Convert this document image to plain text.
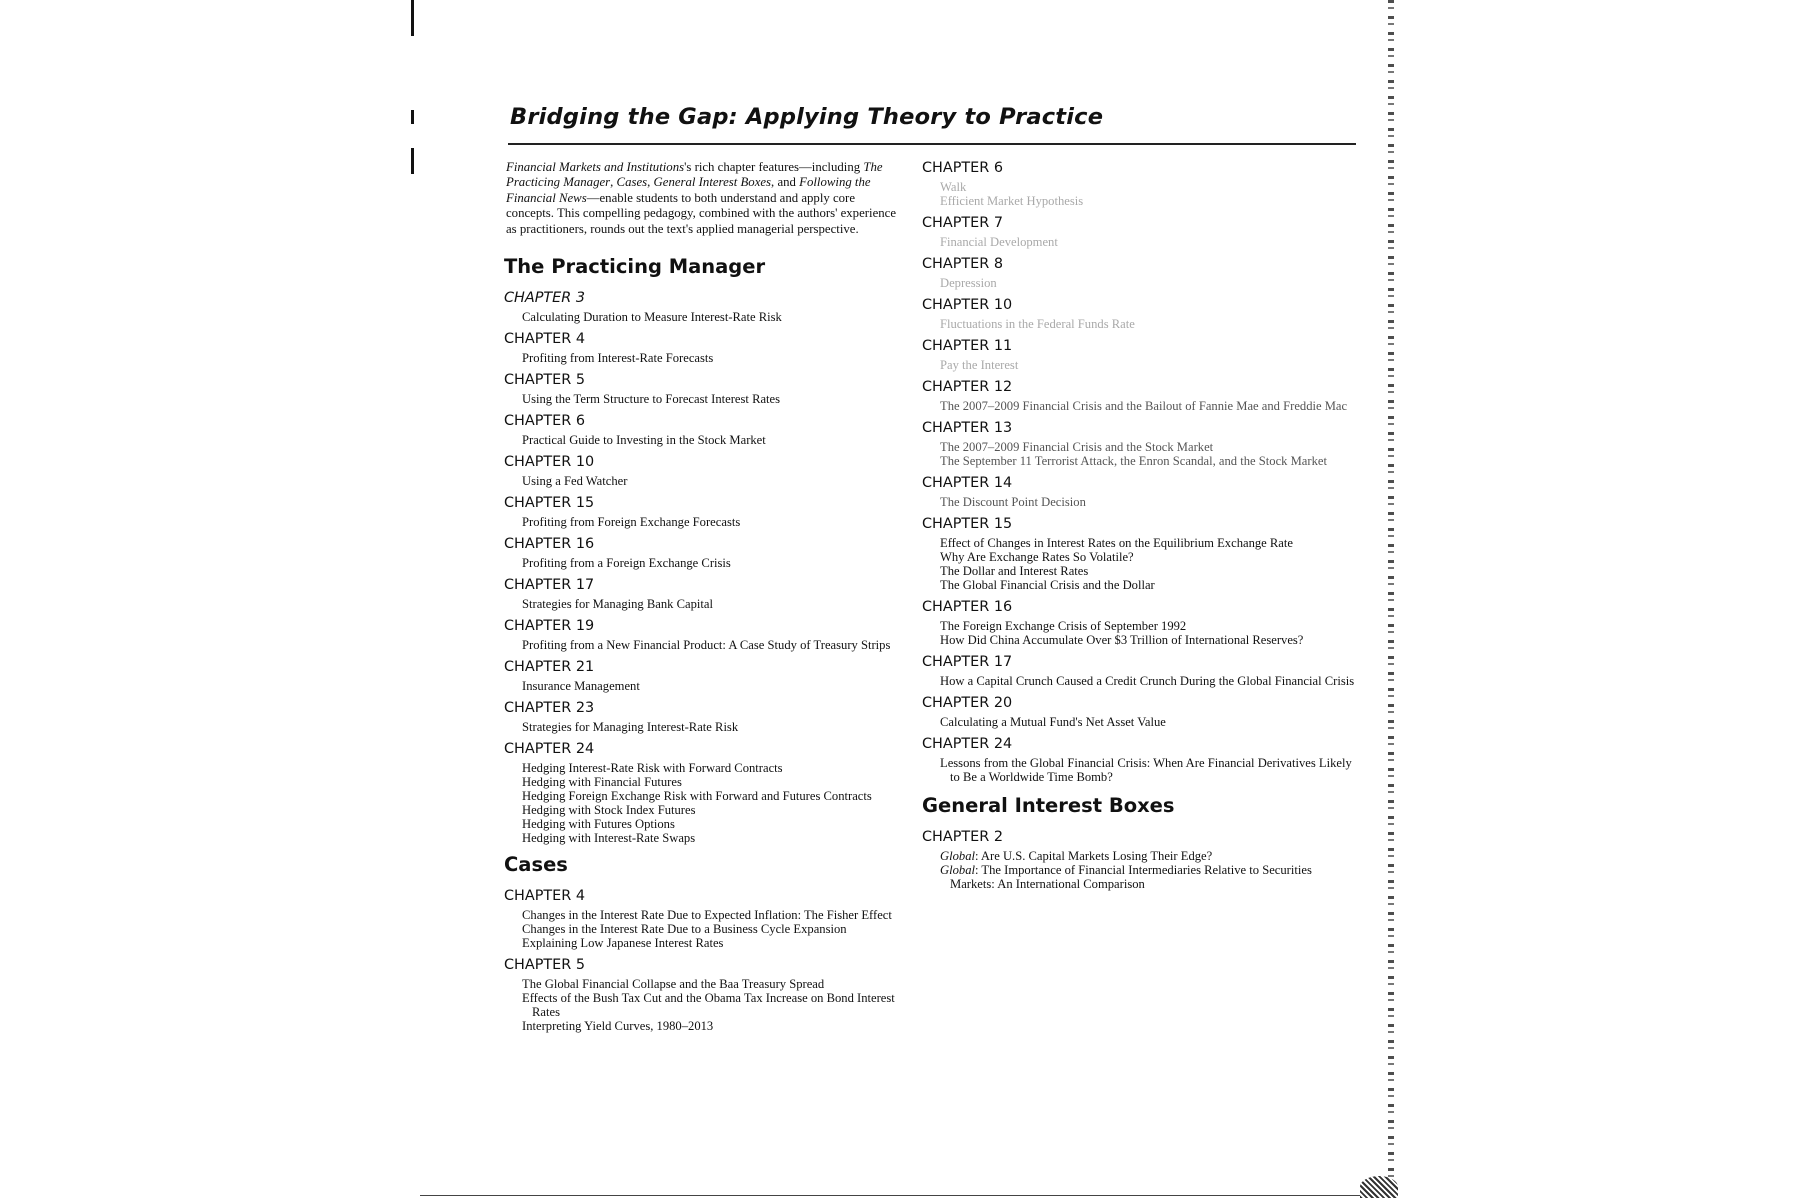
Bridging the Gap: Applying Theory to Practice

Financial Markets and Institutions's rich chapter features—including The Practicing Manager, Cases, General Interest Boxes, and Following the Financial News—enable students to both understand and apply core concepts. This compelling pedagogy, combined with the authors' experience as practitioners, rounds out the text's applied managerial perspective.

The Practicing Manager
CHAPTER 3
Calculating Duration to Measure Interest-Rate Risk
CHAPTER 4
Profiting from Interest-Rate Forecasts
CHAPTER 5
Using the Term Structure to Forecast Interest Rates
CHAPTER 6
Practical Guide to Investing in the Stock Market
CHAPTER 10
Using a Fed Watcher
CHAPTER 15
Profiting from Foreign Exchange Forecasts
CHAPTER 16
Profiting from a Foreign Exchange Crisis
CHAPTER 17
Strategies for Managing Bank Capital
CHAPTER 19
Profiting from a New Financial Product: A Case Study of Treasury Strips
CHAPTER 21
Insurance Management
CHAPTER 23
Strategies for Managing Interest-Rate Risk
CHAPTER 24
Hedging Interest-Rate Risk with Forward Contracts
Hedging with Financial Futures
Hedging Foreign Exchange Risk with Forward and Futures Contracts
Hedging with Stock Index Futures
Hedging with Futures Options
Hedging with Interest-Rate Swaps
Cases
CHAPTER 4
Changes in the Interest Rate Due to Expected Inflation: The Fisher Effect
Changes in the Interest Rate Due to a Business Cycle Expansion
Explaining Low Japanese Interest Rates
CHAPTER 5
The Global Financial Collapse and the Baa Treasury Spread
Effects of the Bush Tax Cut and the Obama Tax Increase on Bond Interest Rates
Interpreting Yield Curves, 1980–2013
CHAPTER 6
Walk
Efficient Market Hypothesis
CHAPTER 7
Financial Development
CHAPTER 8
Depression
CHAPTER 10
Fluctuations in the Federal Funds Rate
CHAPTER 11
Pay the Interest
CHAPTER 12
The 2007–2009 Financial Crisis and the Bailout of Fannie Mae and Freddie Mac
CHAPTER 13
The 2007–2009 Financial Crisis and the Stock Market
The September 11 Terrorist Attack, the Enron Scandal, and the Stock Market
CHAPTER 14
The Discount Point Decision
CHAPTER 15
Effect of Changes in Interest Rates on the Equilibrium Exchange Rate
Why Are Exchange Rates So Volatile?
The Dollar and Interest Rates
The Global Financial Crisis and the Dollar
CHAPTER 16
The Foreign Exchange Crisis of September 1992
How Did China Accumulate Over $3 Trillion of International Reserves?
CHAPTER 17
How a Capital Crunch Caused a Credit Crunch During the Global Financial Crisis
CHAPTER 20
Calculating a Mutual Fund's Net Asset Value
CHAPTER 24
Lessons from the Global Financial Crisis: When Are Financial Derivatives Likely to Be a Worldwide Time Bomb?
General Interest Boxes
CHAPTER 2
Global: Are U.S. Capital Markets Losing Their Edge?
Global: The Importance of Financial Intermediaries Relative to Securities Markets: An International Comparison
